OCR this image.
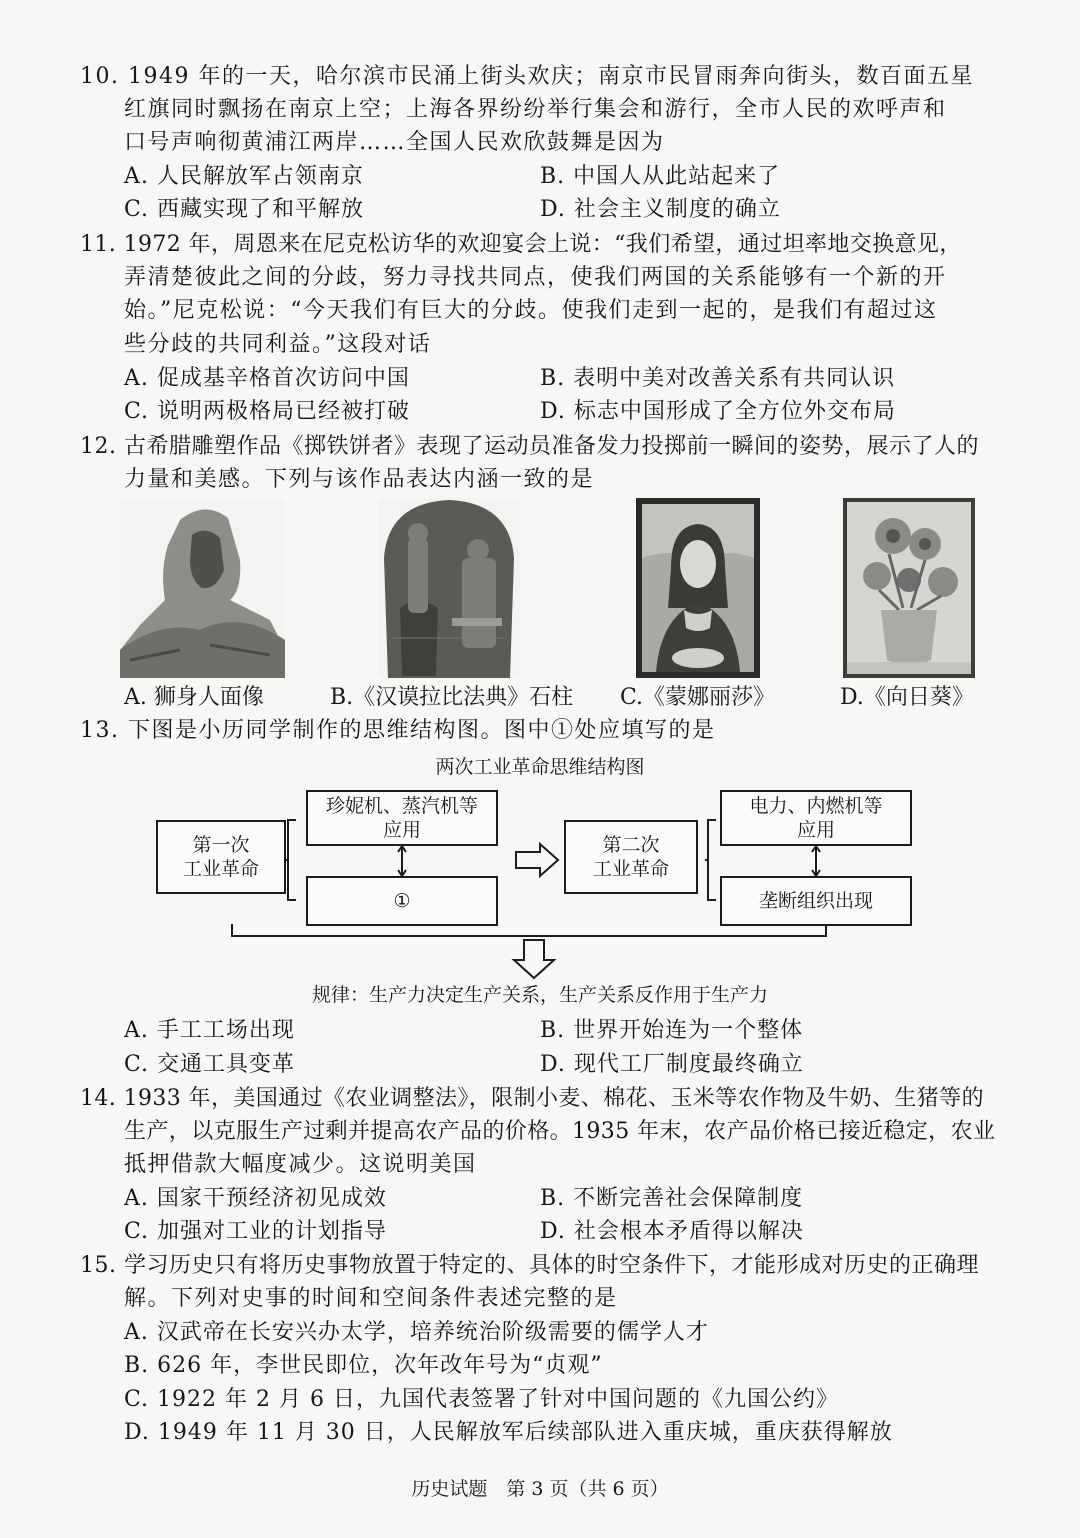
10. 1949 年的一天，哈尔滨市民涌上街头欢庆；南京市民冒雨奔向街头，数百面五星
红旗同时飘扬在南京上空；上海各界纷纷举行集会和游行，全市人民的欢呼声和
口号声响彻黄浦江两岸……全国人民欢欣鼓舞是因为
A. 人民解放军占领南京	B. 中国人从此站起来了
C. 西藏实现了和平解放	D. 社会主义制度的确立
11. 1972 年，周恩来在尼克松访华的欢迎宴会上说：“我们希望，通过坦率地交换意见，
弄清楚彼此之间的分歧，努力寻找共同点，使我们两国的关系能够有一个新的开
始。”尼克松说：“今天我们有巨大的分歧。使我们走到一起的，是我们有超过这
些分歧的共同利益。”这段对话
A. 促成基辛格首次访问中国	B. 表明中美对改善关系有共同认识
C. 说明两极格局已经被打破	D. 标志中国形成了全方位外交布局
12. 古希腊雕塑作品《掷铁饼者》表现了运动员准备发力投掷前一瞬间的姿势，展示了人的
力量和美感。下列与该作品表达内涵一致的是
A. 狮身人面像	B.《汉谟拉比法典》石柱 C.《蒙娜丽莎》	D.《向日葵》
13. 下图是小历同学制作的思维结构图。图中①处应填写的是
两次工业革命思维结构图
第一次
工业革命
珍妮机、蒸汽机等
应用
①
第二次
工业革命
电力、内燃机等
应用
垄断组织出现
规律：生产力决定生产关系，生产关系反作用于生产力
A. 手工工场出现	B. 世界开始连为一个整体
C. 交通工具变革	D. 现代工厂制度最终确立
14. 1933 年，美国通过《农业调整法》，限制小麦、棉花、玉米等农作物及牛奶、生猪等的
生产，以克服生产过剩并提高农产品的价格。1935 年末，农产品价格已接近稳定，农业
抵押借款大幅度减少。这说明美国
A. 国家干预经济初见成效	B. 不断完善社会保障制度
C. 加强对工业的计划指导	D. 社会根本矛盾得以解决
15. 学习历史只有将历史事物放置于特定的、具体的时空条件下，才能形成对历史的正确理
解。下列对史事的时间和空间条件表述完整的是
A. 汉武帝在长安兴办太学，培养统治阶级需要的儒学人才
B. 626 年，李世民即位，次年改年号为“贞观”
C. 1922 年 2 月 6 日，九国代表签署了针对中国问题的《九国公约》
D. 1949 年 11 月 30 日，人民解放军后续部队进入重庆城，重庆获得解放
历史试题　第 3 页（共 6 页）
